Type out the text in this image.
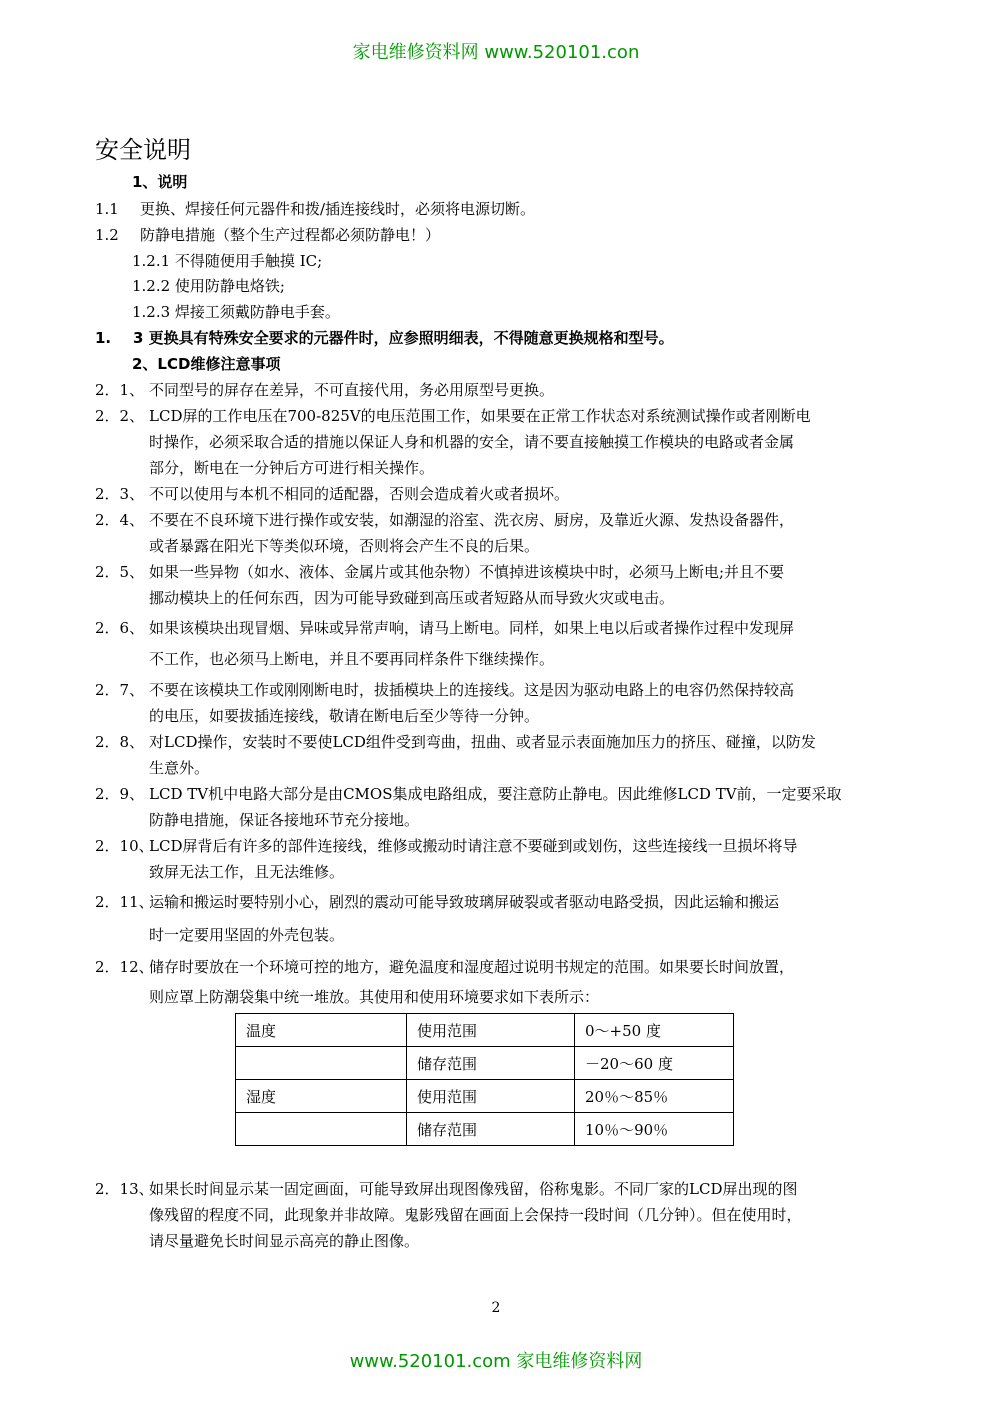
家电维修资料网 www.520101.con
安全说明
1、说明
1.1 更换、焊接任何元器件和拨/插连接线时，必须将电源切断。
1.2 防静电措施（整个生产过程都必须防静电！）
1.2.1 不得随便用手触摸 IC;
1.2.2 使用防静电烙铁;
1.2.3 焊接工须戴防静电手套。
1. 3 更换具有特殊安全要求的元器件时，应参照明细表，不得随意更换规格和型号。
2、LCD维修注意事项
2．1、 不同型号的屏存在差异，不可直接代用，务必用原型号更换。
2．2、 LCD屏的工作电压在700-825V的电压范围工作，如果要在正常工作状态对系统测试操作或者刚断电
时操作，必须采取合适的措施以保证人身和机器的安全，请不要直接触摸工作模块的电路或者金属
部分，断电在一分钟后方可进行相关操作。
2．3、 不可以使用与本机不相同的适配器，否则会造成着火或者损坏。
2．4、 不要在不良环境下进行操作或安装，如潮湿的浴室、洗衣房、厨房，及靠近火源、发热设备器件，
或者暴露在阳光下等类似环境，否则将会产生不良的后果。
2．5、 如果一些异物（如水、液体、金属片或其他杂物）不慎掉进该模块中时，必须马上断电;并且不要
挪动模块上的任何东西，因为可能导致碰到高压或者短路从而导致火灾或电击。
2．6、 如果该模块出现冒烟、异味或异常声响，请马上断电。同样，如果上电以后或者操作过程中发现屏
不工作，也必须马上断电，并且不要再同样条件下继续操作。
2．7、 不要在该模块工作或刚刚断电时，拔插模块上的连接线。这是因为驱动电路上的电容仍然保持较高
的电压，如要拔插连接线，敬请在断电后至少等待一分钟。
2．8、 对LCD操作，安装时不要使LCD组件受到弯曲，扭曲、或者显示表面施加压力的挤压、碰撞，以防发
生意外。
2．9、 LCD TV机中电路大部分是由CMOS集成电路组成，要注意防止静电。因此维修LCD TV前，一定要采取
防静电措施，保证各接地环节充分接地。
2．10、
LCD屏背后有许多的部件连接线，维修或搬动时请注意不要碰到或划伤，这些连接线一旦损坏将导
致屏无法工作，且无法维修。
2．11、
运输和搬运时要特别小心，剧烈的震动可能导致玻璃屏破裂或者驱动电路受损，因此运输和搬运
时一定要用坚固的外壳包装。
2．12、
储存时要放在一个环境可控的地方，避免温度和湿度超过说明书规定的范围。如果要长时间放置，
则应罩上防潮袋集中统一堆放。其使用和使用环境要求如下表所示：
温度	使用范围	0～+50 度
	储存范围	－20～60 度
湿度	使用范围	20％～85％
	储存范围	10％～90％
2．13、
如果长时间显示某一固定画面，可能导致屏出现图像残留，俗称鬼影。不同厂家的LCD屏出现的图
像残留的程度不同，此现象并非故障。鬼影残留在画面上会保持一段时间（几分钟）。但在使用时，
请尽量避免长时间显示高亮的静止图像。
2
www.520101.com 家电维修资料网
